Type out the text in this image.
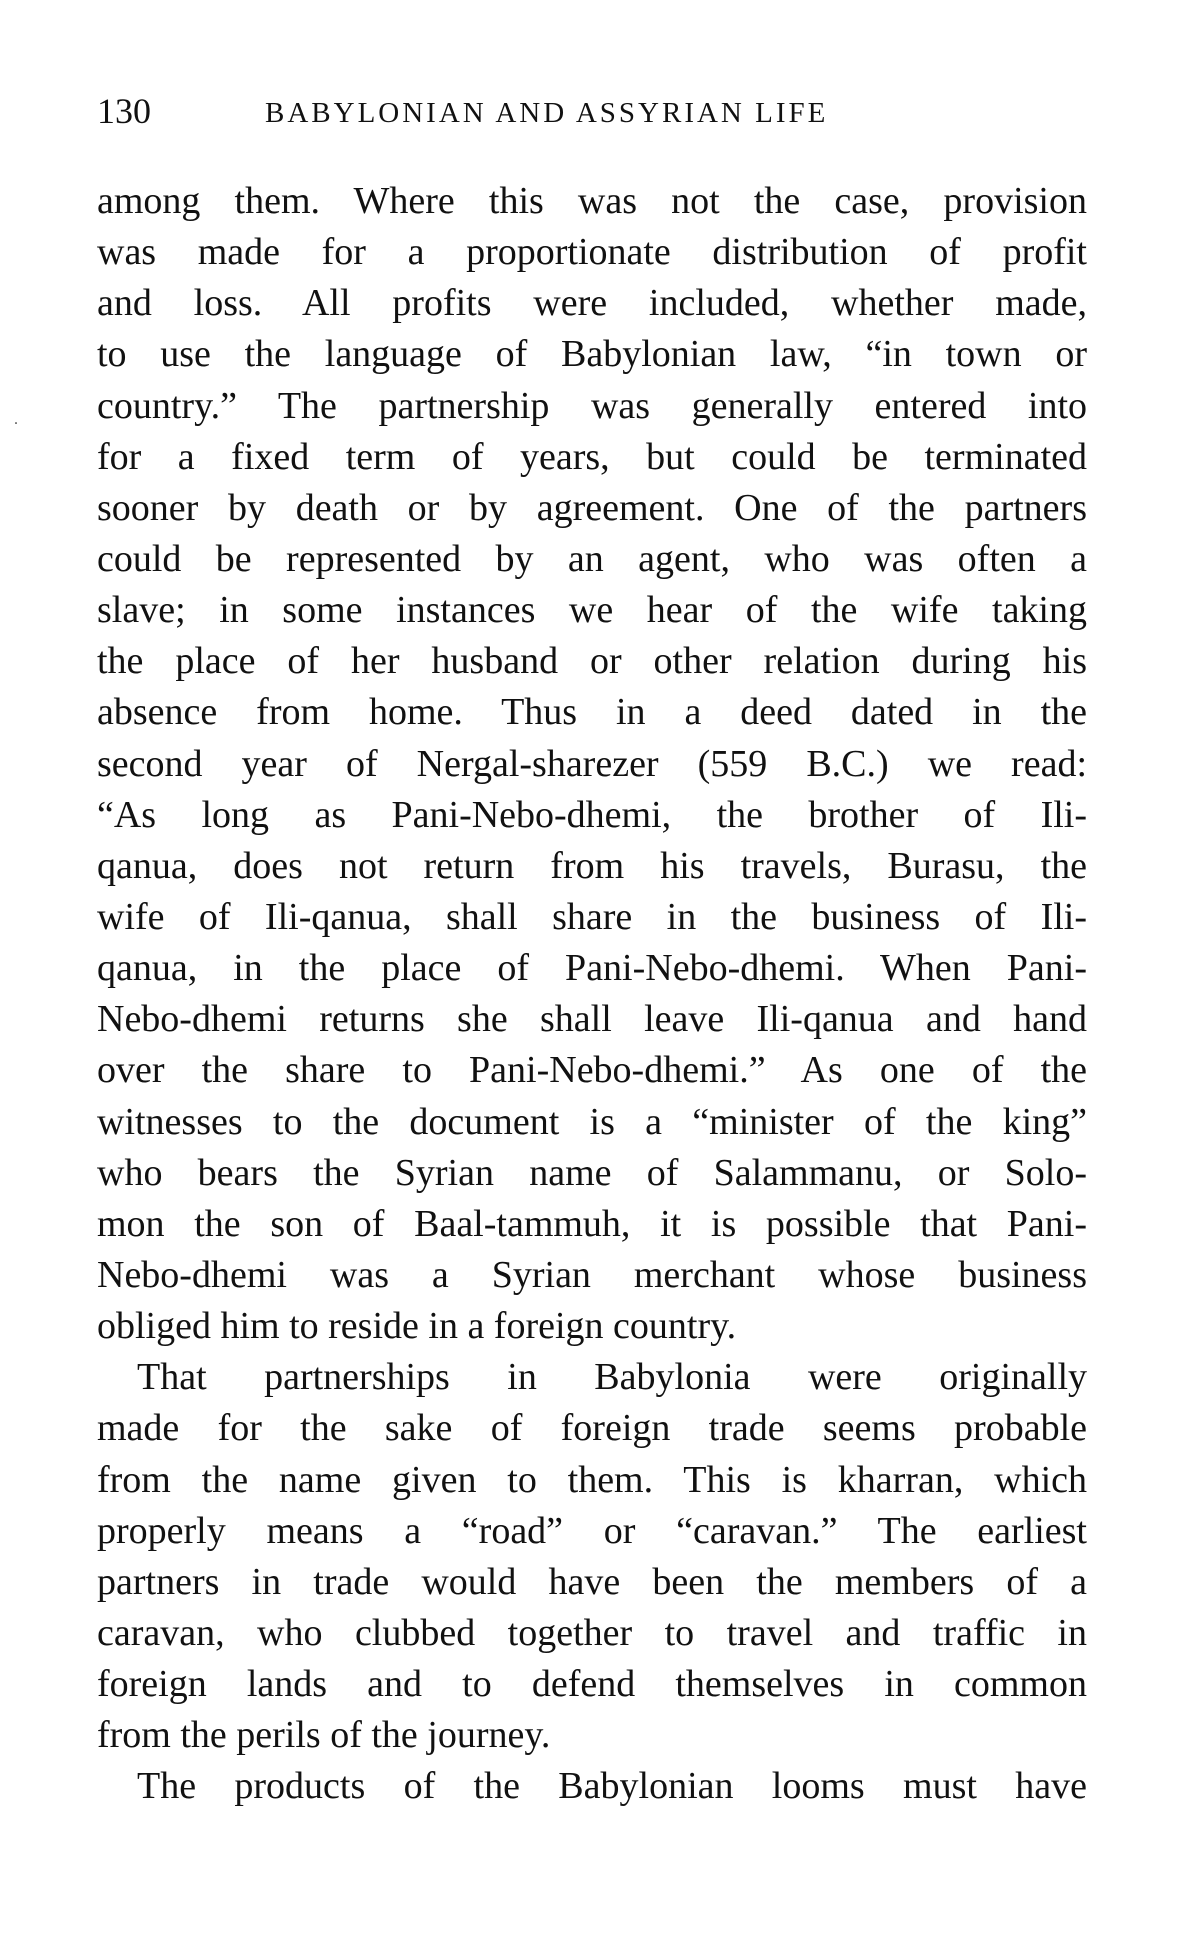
130	BABYLONIAN AND ASSYRIAN LIFE
.
among them. Where this was not the case, provision
was made for a proportionate distribution of profit
and loss. All profits were included, whether made,
to use the language of Babylonian law, “in town or
country.” The partnership was generally entered into
for a fixed term of years, but could be terminated
sooner by death or by agreement. One of the partners
could be represented by an agent, who was often a
slave; in some instances we hear of the wife taking
the place of her husband or other relation during his
absence from home. Thus in a deed dated in the
second year of Nergal-sharezer (559 B.C.) we read:
“As long as Pani-Nebo-dhemi, the brother of Ili-
qanua, does not return from his travels, Burasu, the
wife of Ili-qanua, shall share in the business of Ili-
qanua, in the place of Pani-Nebo-dhemi. When Pani-
Nebo-dhemi returns she shall leave Ili-qanua and hand
over the share to Pani-Nebo-dhemi.” As one of the
witnesses to the document is a “minister of the king”
who bears the Syrian name of Salammanu, or Solo-
mon the son of Baal-tammuh, it is possible that Pani-
Nebo-dhemi was a Syrian merchant whose business
obliged him to reside in a foreign country.
That partnerships in Babylonia were originally
made for the sake of foreign trade seems probable
from the name given to them. This is kharran, which
properly means a “road” or “caravan.” The earliest
partners in trade would have been the members of a
caravan, who clubbed together to travel and traffic in
foreign lands and to defend themselves in common
from the perils of the journey.
The products of the Babylonian looms must have
